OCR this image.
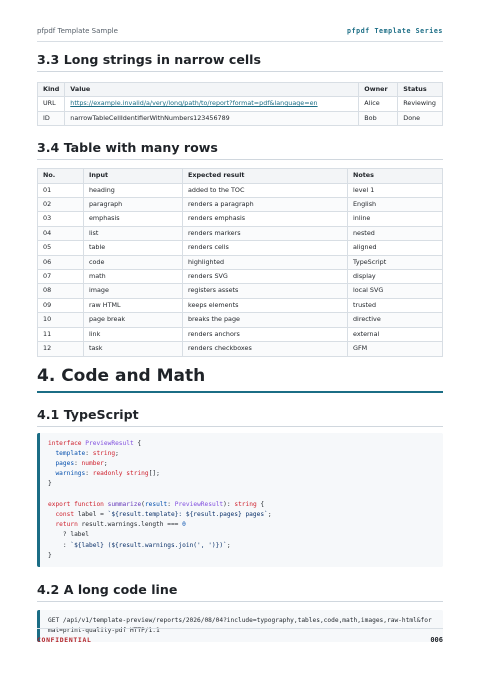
pfpdf Template Sample	pfpdf Template Series
3.3 Long strings in narrow cells
Kind	Value	Owner	Status
URL	https://example.invalid/a/very/long/path/to/report?format=pdf&language=en	Alice	Reviewing
ID	narrowTableCellIdentifierWithNumbers123456789	Bob	Done
3.4 Table with many rows
No.	Input	Expected result	Notes
01	heading	added to the TOC	level 1
02	paragraph	renders a paragraph	English
03	emphasis	renders emphasis	inline
04	list	renders markers	nested
05	table	renders cells	aligned
06	code	highlighted	TypeScript
07	math	renders SVG	display
08	image	registers assets	local SVG
09	raw HTML	keeps elements	trusted
10	page break	breaks the page	directive
11	link	renders anchors	external
12	task	renders checkboxes	GFM
4. Code and Math
4.1 TypeScript
interface PreviewResult {
template: string;
pages: number;
warnings: readonly string[];
}

export function summarize(result: PreviewResult): string {
const label = `${result.template}: ${result.pages} pages`;
return result.warnings.length === 0
? label
: `${label} (${result.warnings.join(', ')})`;
}
4.2 A long code line
GET /api/v1/template-preview/reports/2026/08/04?include=typography,tables,code,math,images,raw-html&format=print-quality-pdf HTTP/1.1
CONFIDENTIAL	006
